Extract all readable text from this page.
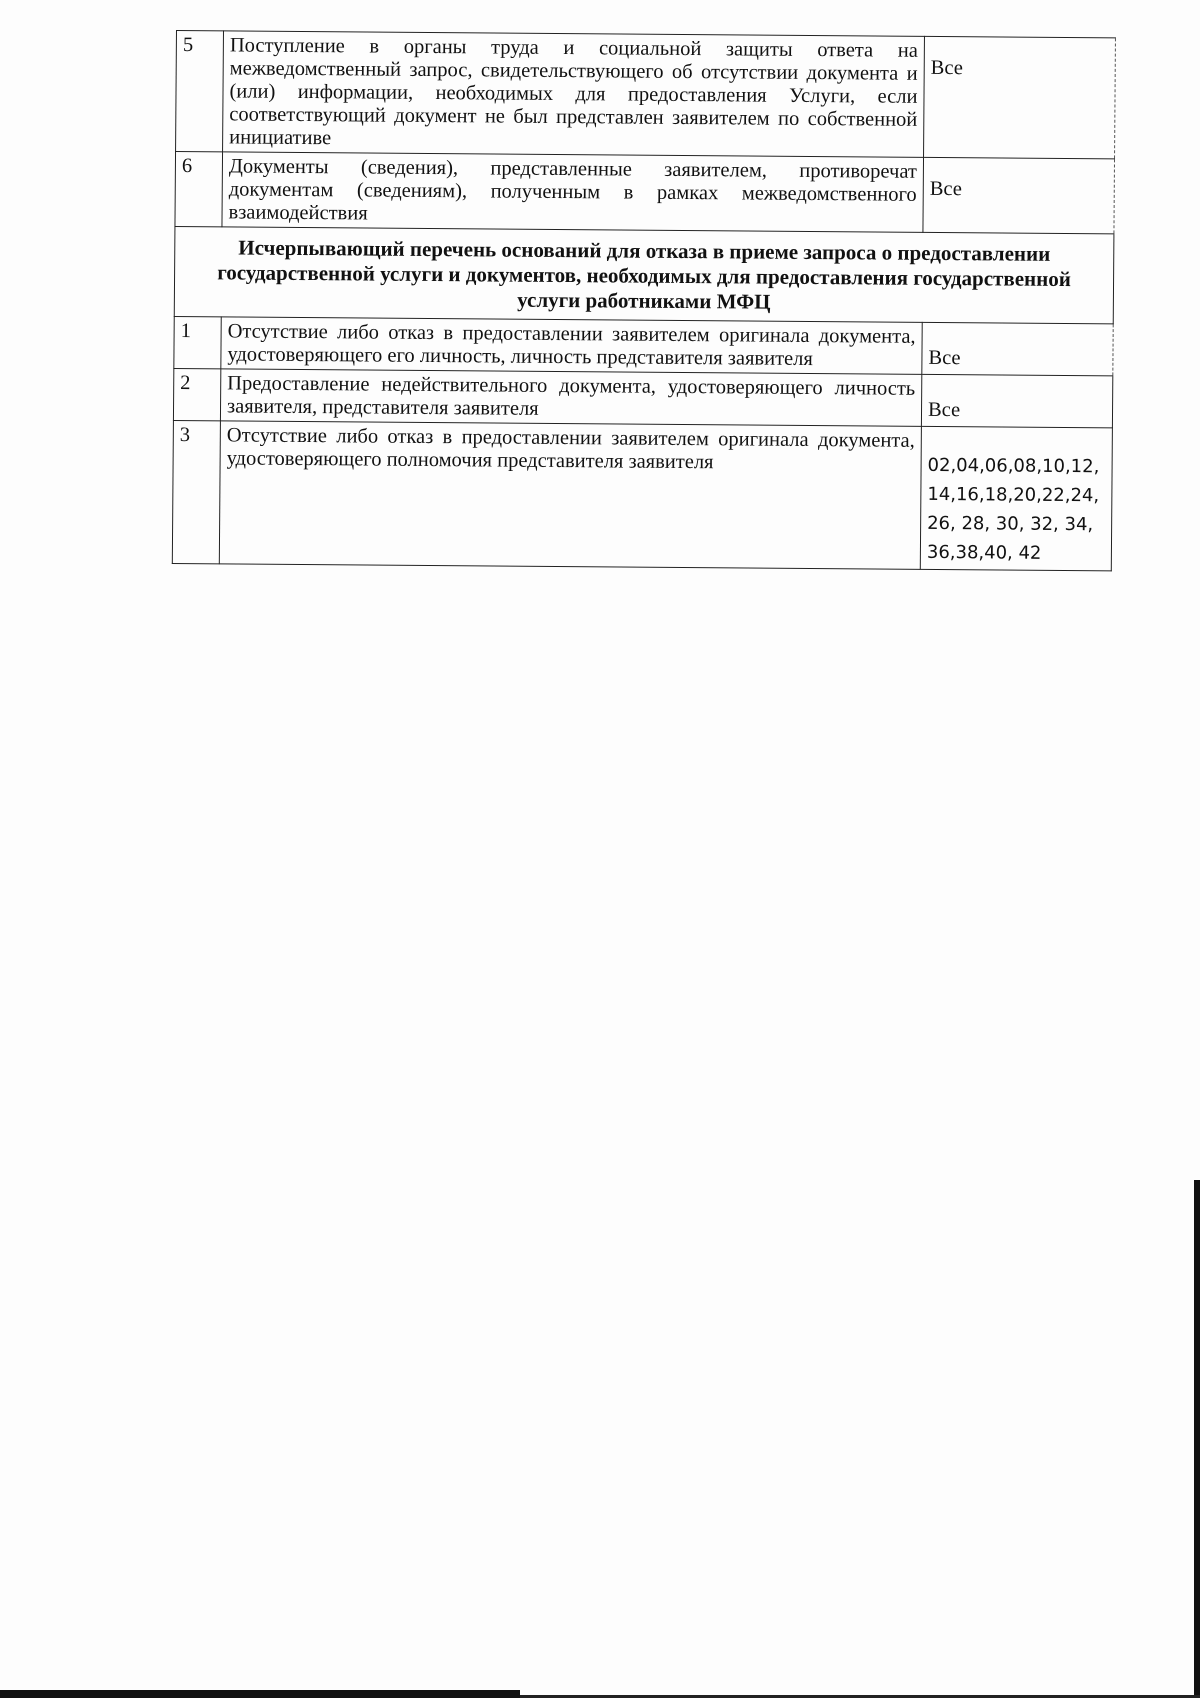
5	Поступление в органы труда и социальной защиты ответа на межведомственный запрос, свидетельствующего об отсутствии документа и (или) информации, необходимых для предоставления Услуги, если соответствующий документ не был представлен заявителем по собственной инициативе	Все
6	Документы (сведения), представленные заявителем, противоречат документам (сведениям), полученным в рамках межведомственного взаимодействия	Все
Исчерпывающий перечень оснований для отказа в приеме запроса о предоставлении государственной услуги и документов, необходимых для предоставления государственной услуги работниками МФЦ		
1	Отсутствие либо отказ в предоставлении заявителем оригинала документа, удостоверяющего его личность, личность представителя заявителя	Все
2	Предоставление недействительного документа, удостоверяющего личность заявителя, представителя заявителя	Все
3	Отсутствие либо отказ в предоставлении заявителем оригинала документа, удостоверяющего полномочия представителя заявителя	02,04,06,08,10,12, 14,16,18,20,22,24, 26, 28, 30, 32, 34, 36,38,40, 42
